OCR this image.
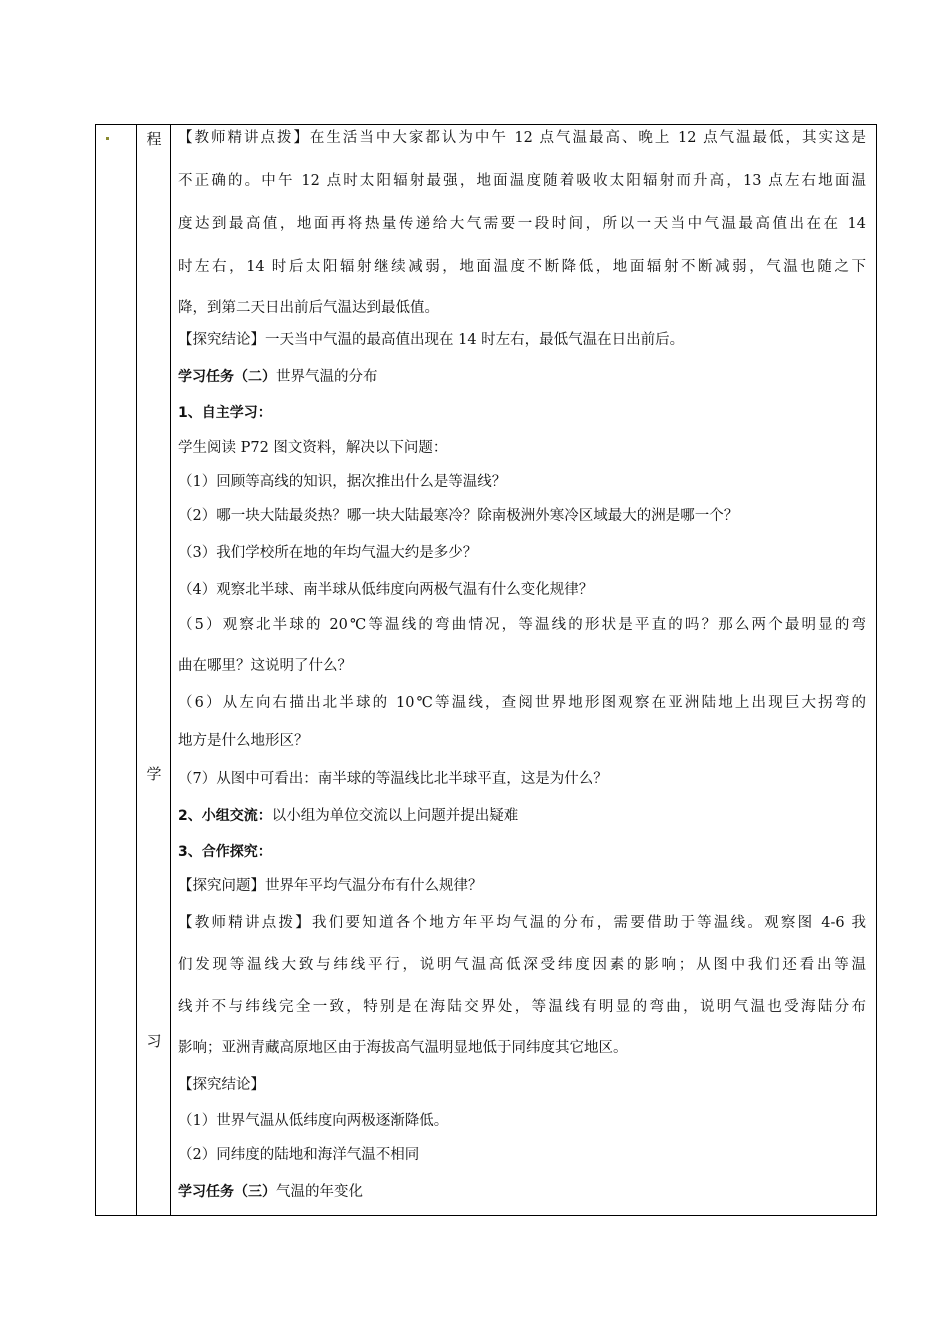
程
学
习
【教师精讲点拨】在生活当中大家都认为中午 12 点气温最高、晚上 12 点气温最低，其实这是
不正确的。中午 12 点时太阳辐射最强，地面温度随着吸收太阳辐射而升高，13 点左右地面温
度达到最高值，地面再将热量传递给大气需要一段时间，所以一天当中气温最高值出在在 14
时左右，14 时后太阳辐射继续减弱，地面温度不断降低，地面辐射不断减弱，气温也随之下
降，到第二天日出前后气温达到最低值。
【探究结论】一天当中气温的最高值出现在 14 时左右，最低气温在日出前后。
学习任务（二）世界气温的分布
1、自主学习：
学生阅读 P72 图文资料，解决以下问题：
（1）回顾等高线的知识，据次推出什么是等温线？
（2）哪一块大陆最炎热？哪一块大陆最寒冷？除南极洲外寒冷区域最大的洲是哪一个？
（3）我们学校所在地的年均气温大约是多少？
（4）观察北半球、南半球从低纬度向两极气温有什么变化规律？
（5）观察北半球的 20℃等温线的弯曲情况，等温线的形状是平直的吗？那么两个最明显的弯
曲在哪里？这说明了什么？
（6）从左向右描出北半球的 10℃等温线，查阅世界地形图观察在亚洲陆地上出现巨大拐弯的
地方是什么地形区？
（7）从图中可看出：南半球的等温线比北半球平直，这是为什么？
2、小组交流：以小组为单位交流以上问题并提出疑难
3、合作探究：
【探究问题】世界年平均气温分布有什么规律？
【教师精讲点拨】我们要知道各个地方年平均气温的分布，需要借助于等温线。观察图 4-6 我
们发现等温线大致与纬线平行，说明气温高低深受纬度因素的影响；从图中我们还看出等温
线并不与纬线完全一致，特别是在海陆交界处，等温线有明显的弯曲，说明气温也受海陆分布
影响；亚洲青藏高原地区由于海拔高气温明显地低于同纬度其它地区。
【探究结论】
（1）世界气温从低纬度向两极逐渐降低。
（2）同纬度的陆地和海洋气温不相同
学习任务（三）气温的年变化
